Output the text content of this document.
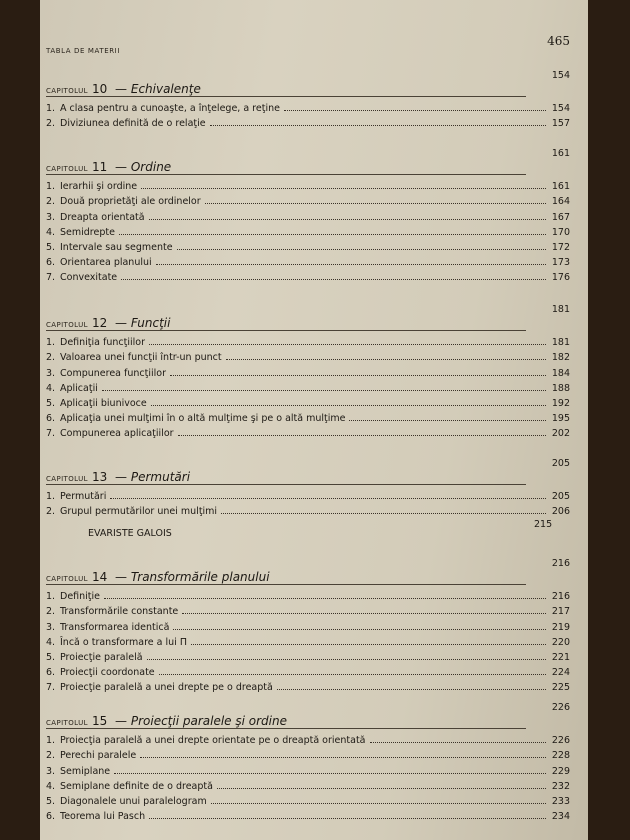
TABLA DE MATERII
465
CAPITOLUL 10 — Echivalenţe
154
1. A clasa pentru a cunoaşte, a înţelege, a reţine	154
2. Diviziunea definită de o relaţie	157
CAPITOLUL 11 — Ordine
161
1. Ierarhii şi ordine	161
2. Două proprietăţi ale ordinelor	164
3. Dreapta orientată	167
4. Semidrepte	170
5. Intervale sau segmente	172
6. Orientarea planului	173
7. Convexitate	176
CAPITOLUL 12 — Funcţii
181
1. Definiţia funcţiilor	181
2. Valoarea unei funcţii într-un punct	182
3. Compunerea funcţiilor	184
4. Aplicaţii	188
5. Aplicaţii biunivoce	192
6. Aplicaţia unei mulţimi în o altă mulţime şi pe o altă mulţime	195
7. Compunerea aplicaţiilor	202
CAPITOLUL 13 — Permutări
205
1. Permutări	205
2. Grupul permutărilor unei mulţimi	206
CAPITOLUL 14 — Transformările planului
216
1. Definiţie	216
2. Transformările constante	217
3. Transformarea identică	219
4. Încă o transformare a lui Π	220
5. Proiecţie paralelă	221
6. Proiecţii coordonate	224
7. Proiecţie paralelă a unei drepte pe o dreaptă	225
CAPITOLUL 15 — Proiecţii paralele şi ordine
226
1. Proiecţia paralelă a unei drepte orientate pe o dreaptă orientată	226
2. Perechi paralele	228
3. Semiplane	229
4. Semiplane definite de o dreaptă	232
5. Diagonalele unui paralelogram	233
6. Teorema lui Pasch	234
EVARISTE GALOIS
215
